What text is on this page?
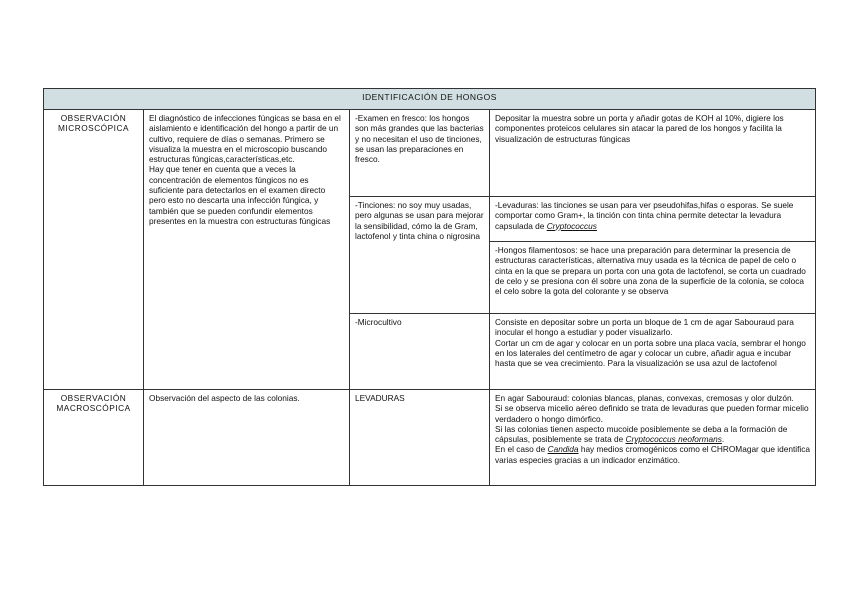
IDENTIFICACIÓN DE HONGOS			
OBSERVACIÓN MICROSCÓPICA	El diagnóstico de infecciones fúngicas se basa en el aislamiento e identificación del hongo a partir de un cultivo, requiere de días o semanas. Primero se visualiza la muestra en el microscopio buscando estructuras fúngicas,características,etc.

Hay que tener en cuenta que a veces la concentración de elementos fúngicos no es suficiente para detectarlos en el examen directo pero esto no descarta una infección fúngica, y también que se pueden confundir elementos presentes en la muestra con estructuras fúngicas	-Examen en fresco: los hongos son más grandes que las bacterias y no necesitan el uso de tinciones, se usan las preparaciones en fresco.	Depositar la muestra sobre un porta y añadir gotas de KOH al 10%, digiere los componentes proteicos celulares sin atacar la pared de los hongos y facilita la visualización de estructuras fúngicas
		-Tinciones: no soy muy usadas, pero algunas se usan para mejorar la sensibilidad, cómo la de Gram, lactofenol y tinta china o nigrosina	-Levaduras: las tinciones se usan para ver pseudohifas,hifas o esporas. Se suele comportar como Gram+, la tinción con tinta china permite detectar la levadura capsulada de Cryptococcus
			-Hongos filamentosos: se hace una preparación para determinar la presencia de estructuras características, alternativa muy usada es la técnica de papel de celo o cinta en la que se prepara un porta con una gota de lactofenol, se corta un cuadrado de celo y se presiona con él sobre una zona de la superficie de la colonia, se coloca el celo sobre la gota del colorante y se observa
		-Microcultivo	Consiste en depositar sobre un porta un bloque de 1 cm de agar Sabouraud para inocular el hongo a estudiar y poder visualizarlo.

Cortar un cm de agar y colocar en un porta sobre una placa vacía, sembrar el hongo en los laterales del centímetro de agar y colocar un cubre, añadir agua e incubar hasta que se vea crecimiento. Para la visualización se usa azul de lactofenol

OBSERVACIÓN MACROSCÓPICA	Observación del aspecto de las colonias.	LEVADURAS	En agar Sabouraud: colonias blancas, planas, convexas, cremosas y olor dulzón.

Si se observa micelio aéreo definido se trata de levaduras que pueden formar micelio verdadero o hongo dimórfico.

Si las colonias tienen aspecto mucoide posiblemente se deba a la formación de cápsulas, posiblemente se trata de Cryptococcus neoformans.

En el caso de Candida hay medios cromogénicos como el CHROMagar que identifica varias especies gracias a un indicador enzimático.
